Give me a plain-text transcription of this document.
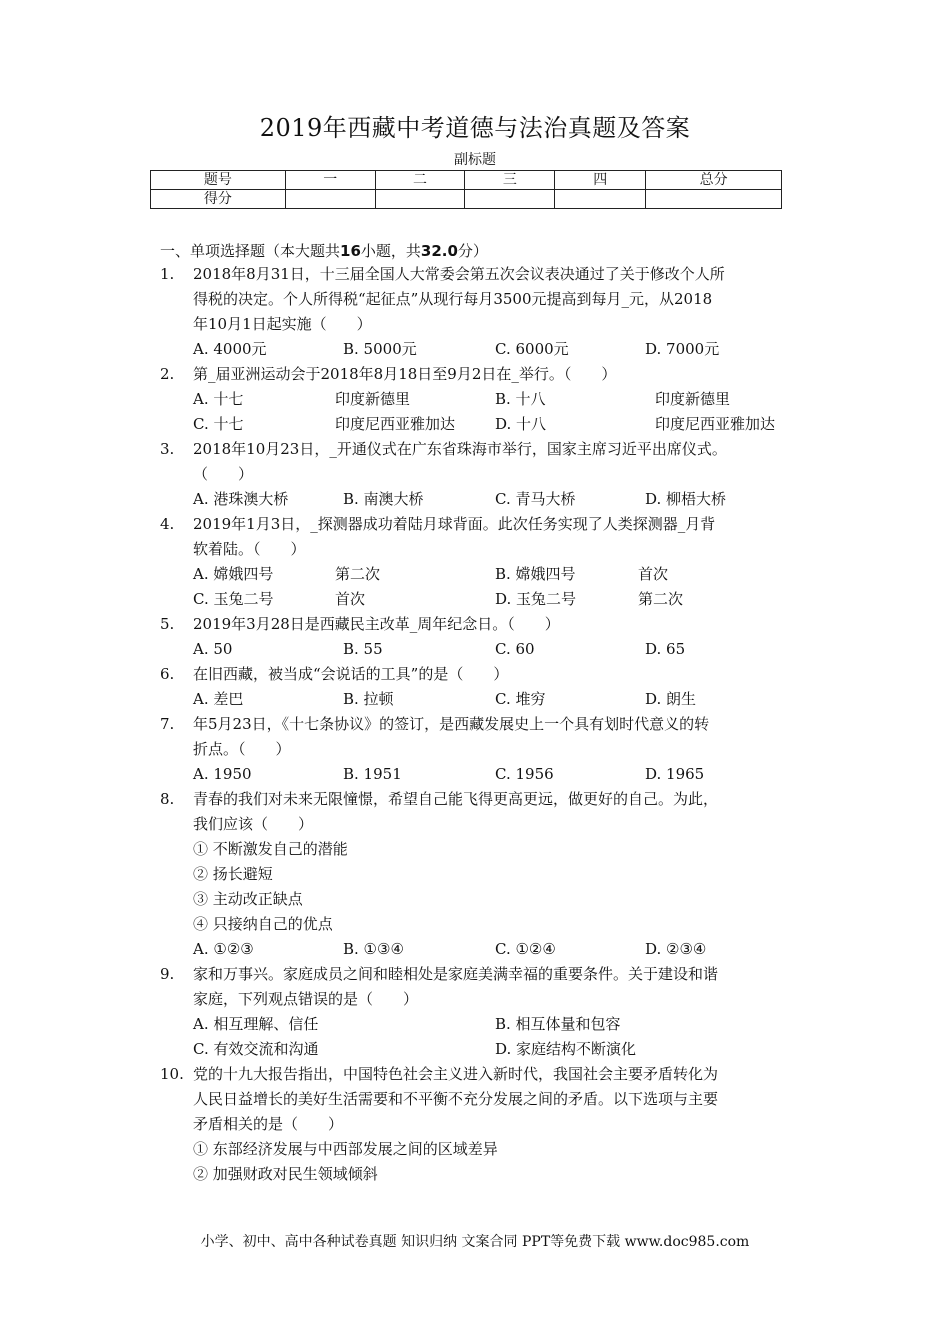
2019年西藏中考道德与法治真题及答案
副标题
题号	一	二	三	四	总分
得分					
一、单项选择题（本大题共16小题，共32.0分）
1. 2018年8月31日，十三届全国人大常委会第五次会议表决通过了关于修改个人所
得税的决定。个人所得税“起征点”从现行每月3500元提高到每月_元，从2018
年10月1日起实施（　　）
A. 4000元	B. 5000元	C. 6000元	D. 7000元
2. 第_届亚洲运动会于2018年8月18日至9月2日在_举行。（　　）
A. 十七	印度新德里	B. 十八	印度新德里
C. 十七	印度尼西亚雅加达	D. 十八	印度尼西亚雅加达
3. 2018年10月23日，_开通仪式在广东省珠海市举行，国家主席习近平出席仪式。
（　　）
A. 港珠澳大桥	B. 南澳大桥	C. 青马大桥	D. 柳梧大桥
4. 2019年1月3日，_探测器成功着陆月球背面。此次任务实现了人类探测器_月背
软着陆。（　　）
A. 嫦娥四号	第二次	B. 嫦娥四号	首次
C. 玉兔二号	首次	D. 玉兔二号	第二次
5. 2019年3月28日是西藏民主改革_周年纪念日。（　　）
A. 50	B. 55	C. 60	D. 65
6. 在旧西藏，被当成“会说话的工具”的是（　　）
A. 差巴	B. 拉顿	C. 堆穷	D. 朗生
7. 年5月23日，《十七条协议》的签订，是西藏发展史上一个具有划时代意义的转
折点。（　　）
A. 1950	B. 1951	C. 1956	D. 1965
8. 青春的我们对未来无限憧憬，希望自己能飞得更高更远，做更好的自己。为此，
我们应该（　　）
① 不断激发自己的潜能
② 扬长避短
③ 主动改正缺点
④ 只接纳自己的优点
A. ①②③	B. ①③④	C. ①②④	D. ②③④
9. 家和万事兴。家庭成员之间和睦相处是家庭美满幸福的重要条件。关于建设和谐
家庭，下列观点错误的是（　　）
A. 相互理解、信任	B. 相互体量和包容
C. 有效交流和沟通	D. 家庭结构不断演化
10. 党的十九大报告指出，中国特色社会主义进入新时代，我国社会主要矛盾转化为
人民日益增长的美好生活需要和不平衡不充分发展之间的矛盾。以下选项与主要
矛盾相关的是（　　）
① 东部经济发展与中西部发展之间的区域差异
② 加强财政对民生领域倾斜
小学、初中、高中各种试卷真题 知识归纳 文案合同 PPT等免费下载 www.doc985.com
